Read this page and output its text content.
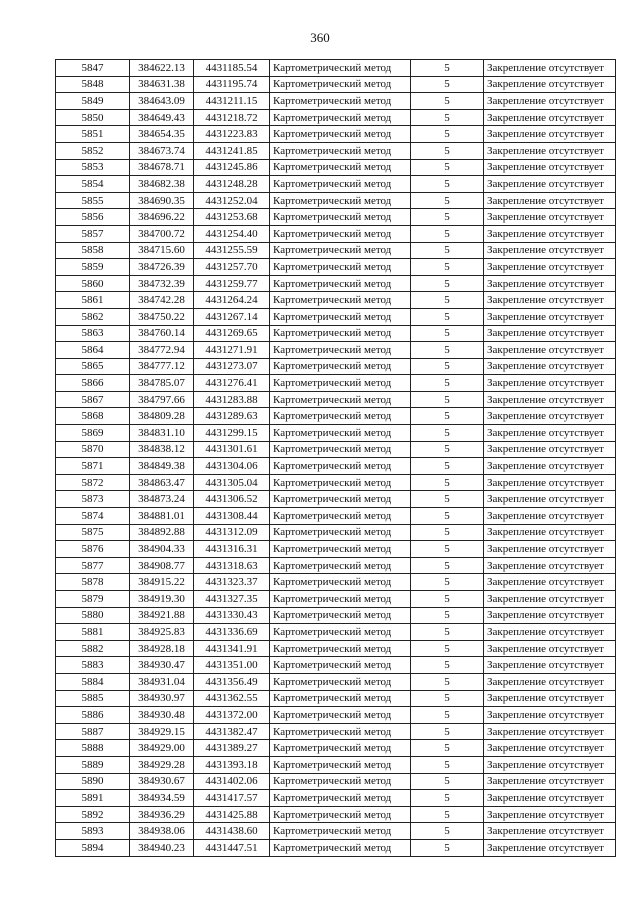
360
5847	384622.13	4431185.54	Картометрический метод	5	Закрепление отсутствует
5848	384631.38	4431195.74	Картометрический метод	5	Закрепление отсутствует
5849	384643.09	4431211.15	Картометрический метод	5	Закрепление отсутствует
5850	384649.43	4431218.72	Картометрический метод	5	Закрепление отсутствует
5851	384654.35	4431223.83	Картометрический метод	5	Закрепление отсутствует
5852	384673.74	4431241.85	Картометрический метод	5	Закрепление отсутствует
5853	384678.71	4431245.86	Картометрический метод	5	Закрепление отсутствует
5854	384682.38	4431248.28	Картометрический метод	5	Закрепление отсутствует
5855	384690.35	4431252.04	Картометрический метод	5	Закрепление отсутствует
5856	384696.22	4431253.68	Картометрический метод	5	Закрепление отсутствует
5857	384700.72	4431254.40	Картометрический метод	5	Закрепление отсутствует
5858	384715.60	4431255.59	Картометрический метод	5	Закрепление отсутствует
5859	384726.39	4431257.70	Картометрический метод	5	Закрепление отсутствует
5860	384732.39	4431259.77	Картометрический метод	5	Закрепление отсутствует
5861	384742.28	4431264.24	Картометрический метод	5	Закрепление отсутствует
5862	384750.22	4431267.14	Картометрический метод	5	Закрепление отсутствует
5863	384760.14	4431269.65	Картометрический метод	5	Закрепление отсутствует
5864	384772.94	4431271.91	Картометрический метод	5	Закрепление отсутствует
5865	384777.12	4431273.07	Картометрический метод	5	Закрепление отсутствует
5866	384785.07	4431276.41	Картометрический метод	5	Закрепление отсутствует
5867	384797.66	4431283.88	Картометрический метод	5	Закрепление отсутствует
5868	384809.28	4431289.63	Картометрический метод	5	Закрепление отсутствует
5869	384831.10	4431299.15	Картометрический метод	5	Закрепление отсутствует
5870	384838.12	4431301.61	Картометрический метод	5	Закрепление отсутствует
5871	384849.38	4431304.06	Картометрический метод	5	Закрепление отсутствует
5872	384863.47	4431305.04	Картометрический метод	5	Закрепление отсутствует
5873	384873.24	4431306.52	Картометрический метод	5	Закрепление отсутствует
5874	384881.01	4431308.44	Картометрический метод	5	Закрепление отсутствует
5875	384892.88	4431312.09	Картометрический метод	5	Закрепление отсутствует
5876	384904.33	4431316.31	Картометрический метод	5	Закрепление отсутствует
5877	384908.77	4431318.63	Картометрический метод	5	Закрепление отсутствует
5878	384915.22	4431323.37	Картометрический метод	5	Закрепление отсутствует
5879	384919.30	4431327.35	Картометрический метод	5	Закрепление отсутствует
5880	384921.88	4431330.43	Картометрический метод	5	Закрепление отсутствует
5881	384925.83	4431336.69	Картометрический метод	5	Закрепление отсутствует
5882	384928.18	4431341.91	Картометрический метод	5	Закрепление отсутствует
5883	384930.47	4431351.00	Картометрический метод	5	Закрепление отсутствует
5884	384931.04	4431356.49	Картометрический метод	5	Закрепление отсутствует
5885	384930.97	4431362.55	Картометрический метод	5	Закрепление отсутствует
5886	384930.48	4431372.00	Картометрический метод	5	Закрепление отсутствует
5887	384929.15	4431382.47	Картометрический метод	5	Закрепление отсутствует
5888	384929.00	4431389.27	Картометрический метод	5	Закрепление отсутствует
5889	384929.28	4431393.18	Картометрический метод	5	Закрепление отсутствует
5890	384930.67	4431402.06	Картометрический метод	5	Закрепление отсутствует
5891	384934.59	4431417.57	Картометрический метод	5	Закрепление отсутствует
5892	384936.29	4431425.88	Картометрический метод	5	Закрепление отсутствует
5893	384938.06	4431438.60	Картометрический метод	5	Закрепление отсутствует
5894	384940.23	4431447.51	Картометрический метод	5	Закрепление отсутствует
